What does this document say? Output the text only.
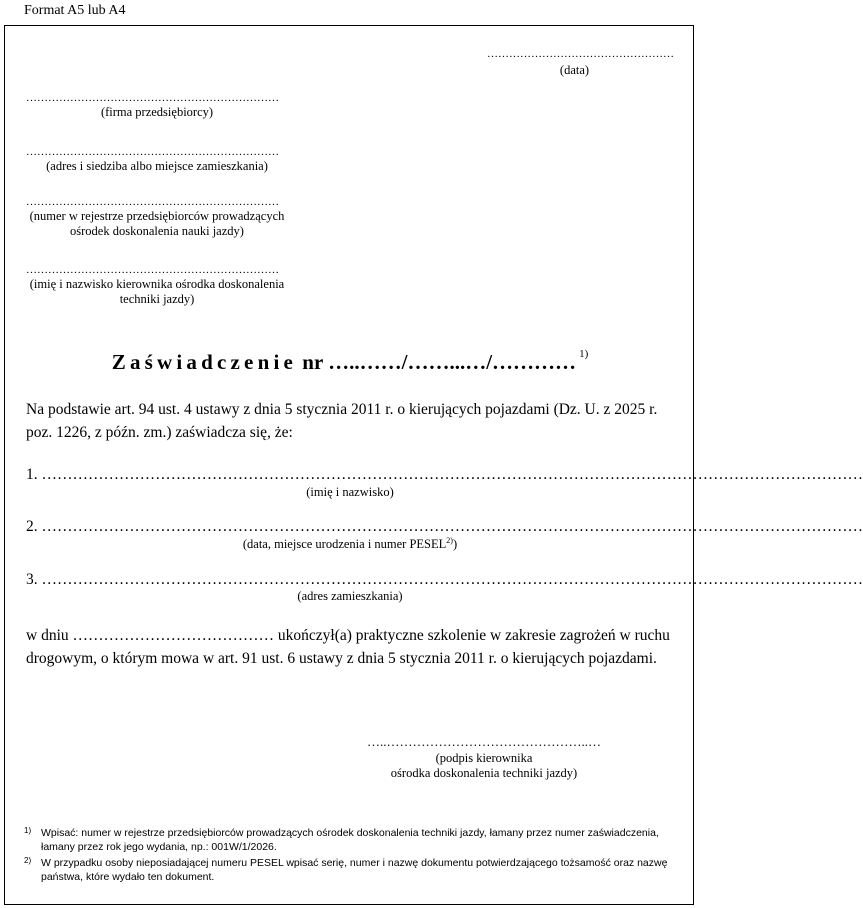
Format A5 lub A4
……………………………………………
(data)
……………………………………………………………
(firma przedsiębiorcy)
……………………………………………………………
(adres i siedziba albo miejsce zamieszkania)
……………………………………………………………
(numer w rejestrze przedsiębiorców prowadzących ośrodek doskonalenia nauki jazdy)
……………………………………………………………
(imię i nazwisko kierownika ośrodka doskonalenia techniki jazdy)
Zaświadczenie nr …..……/……...…/………… $^{1)}$
Na podstawie art. 94 ust. 4 ustawy z dnia 5 stycznia 2011 r. o kierujących pojazdami (Dz. U. z 2025 r. poz. 1226, z późn. zm.) zaświadcza się, że:
1. ……………………………………………………………………………………………………………………………………………
(imię i nazwisko)
2. ……………………………………………………………………………………………………………………………………………
(data, miejsce urodzenia i numer PESEL$^{2)}$)
3. ……………………………………………………………………………………………………………………………………………
(adres zamieszkania)
w dniu ………………………………… ukończył(a) praktyczne szkolenie w zakresie zagrożeń w ruchu drogowym, o którym mowa w art. 91 ust. 6 ustawy z dnia 5 stycznia 2011 r. o kierujących pojazdami.
…..………………………………………..…
(podpis kierownika
ośrodka doskonalenia techniki jazdy)
1) Wpisać: numer w rejestrze przedsiębiorców prowadzących ośrodek doskonalenia techniki jazdy, łamany przez numer zaświadczenia, łamany przez rok jego wydania, np.: 001W/1/2026.
2) W przypadku osoby nieposiadającej numeru PESEL wpisać serię, numer i nazwę dokumentu potwierdzającego tożsamość oraz nazwę państwa, które wydało ten dokument.
